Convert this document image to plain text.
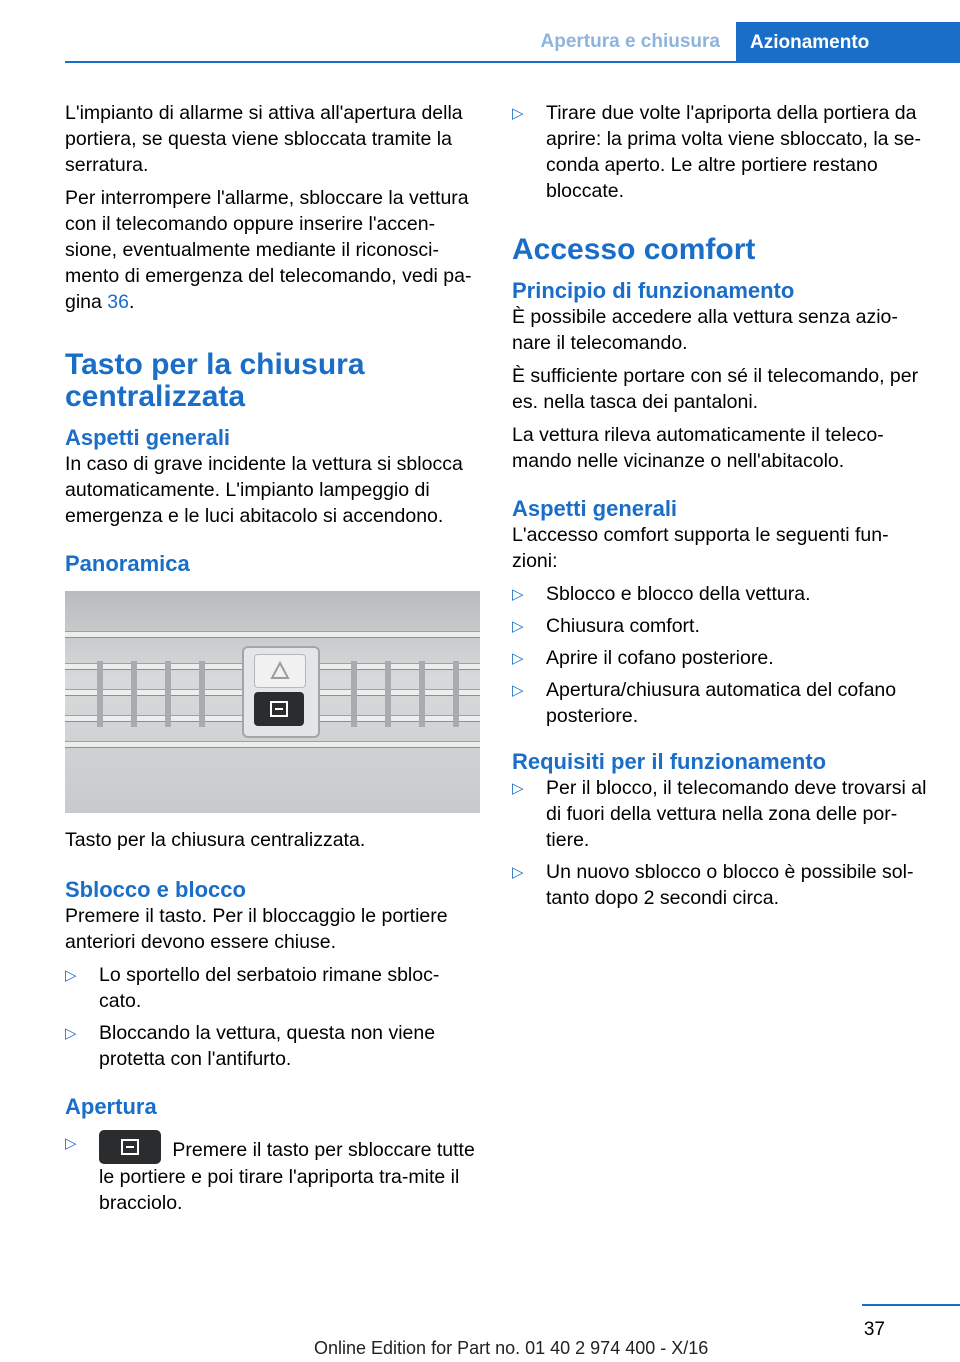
Apertura e chiusura	Azionamento

L'impianto di allarme si attiva all'apertura della portiera, se questa viene sbloccata tramite la serratura.

Per interrompere l'allarme, sbloccare la vettura con il telecomando oppure inserire l'accen-sione, eventualmente mediante il riconosci-mento di emergenza del telecomando, vedi pa-gina 36.

Tasto per la chiusura centralizzata
Aspetti generali

In caso di grave incidente la vettura si sblocca automaticamente. L'impianto lampeggio di emergenza e le luci abitacolo si accendono.

Panoramica

Tasto per la chiusura centralizzata.

Sblocco e blocco

Premere il tasto. Per il bloccaggio le portiere anteriori devono essere chiuse.

▷ Lo sportello del serbatoio rimane sbloc-cato.
▷ Bloccando la vettura, questa non viene protetta con l'antifurto.
Apertura
▷	Premere il tasto per sbloccare tutte le portiere e poi tirare l'apriporta tra-mite il bracciolo.
▷ Tirare due volte l'apriporta della portiera da aprire: la prima volta viene sbloccato, la se-conda aperto. Le altre portiere restano bloccate.
Accesso comfort
Principio di funzionamento

È possibile accedere alla vettura senza azio-nare il telecomando.

È sufficiente portare con sé il telecomando, per es. nella tasca dei pantaloni.

La vettura rileva automaticamente il teleco-mando nelle vicinanze o nell'abitacolo.

Aspetti generali

L'accesso comfort supporta le seguenti fun-zioni:

▷ Sblocco e blocco della vettura.
▷ Chiusura comfort.
▷ Aprire il cofano posteriore.
▷ Apertura/chiusura automatica del cofano posteriore.
Requisiti per il funzionamento
▷ Per il blocco, il telecomando deve trovarsi al di fuori della vettura nella zona delle por-tiere.
▷ Un nuovo sblocco o blocco è possibile sol-tanto dopo 2 secondi circa.
37
Online Edition for Part no. 01 40 2 974 400 - X/16
